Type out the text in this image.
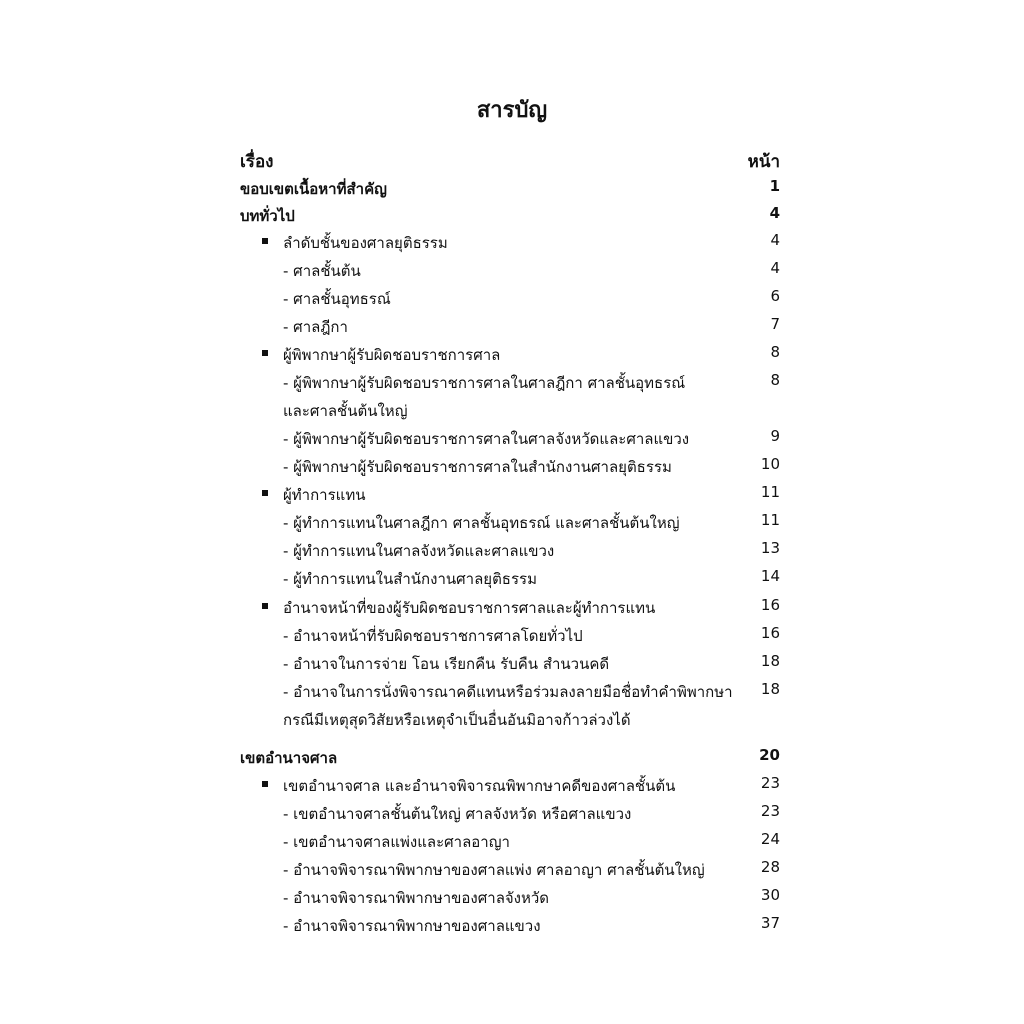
สารบัญ
เรื่อง	หน้า
ขอบเขตเนื้อหาที่สำคัญ	1
บททั่วไป	4
ลำดับชั้นของศาลยุติธรรม	4
- ศาลชั้นต้น	4
- ศาลชั้นอุทธรณ์	6
- ศาลฎีกา	7
ผู้พิพากษาผู้รับผิดชอบราชการศาล	8
- ผู้พิพากษาผู้รับผิดชอบราชการศาลในศาลฎีกา ศาลชั้นอุทธรณ์	8
และศาลชั้นต้นใหญ่
- ผู้พิพากษาผู้รับผิดชอบราชการศาลในศาลจังหวัดและศาลแขวง	9
- ผู้พิพากษาผู้รับผิดชอบราชการศาลในสำนักงานศาลยุติธรรม	10
ผู้ทำการแทน	11
- ผู้ทำการแทนในศาลฎีกา ศาลชั้นอุทธรณ์ และศาลชั้นต้นใหญ่	11
- ผู้ทำการแทนในศาลจังหวัดและศาลแขวง	13
- ผู้ทำการแทนในสำนักงานศาลยุติธรรม	14
อำนาจหน้าที่ของผู้รับผิดชอบราชการศาลและผู้ทำการแทน	16
- อำนาจหน้าที่รับผิดชอบราชการศาลโดยทั่วไป	16
- อำนาจในการจ่าย โอน เรียกคืน รับคืน สำนวนคดี	18
- อำนาจในการนั่งพิจารณาคดีแทนหรือร่วมลงลายมือชื่อทำคำพิพากษา 18
กรณีมีเหตุสุดวิสัยหรือเหตุจำเป็นอื่นอันมิอาจก้าวล่วงได้
เขตอำนาจศาล	20
เขตอำนาจศาล และอำนาจพิจารณพิพากษาคดีของศาลชั้นต้น	23
- เขตอำนาจศาลชั้นต้นใหญ่ ศาลจังหวัด หรือศาลแขวง	23
- เขตอำนาจศาลแพ่งและศาลอาญา	24
- อำนาจพิจารณาพิพากษาของศาลแพ่ง ศาลอาญา ศาลชั้นต้นใหญ่	28
- อำนาจพิจารณาพิพากษาของศาลจังหวัด	30
- อำนาจพิจารณาพิพากษาของศาลแขวง	37
